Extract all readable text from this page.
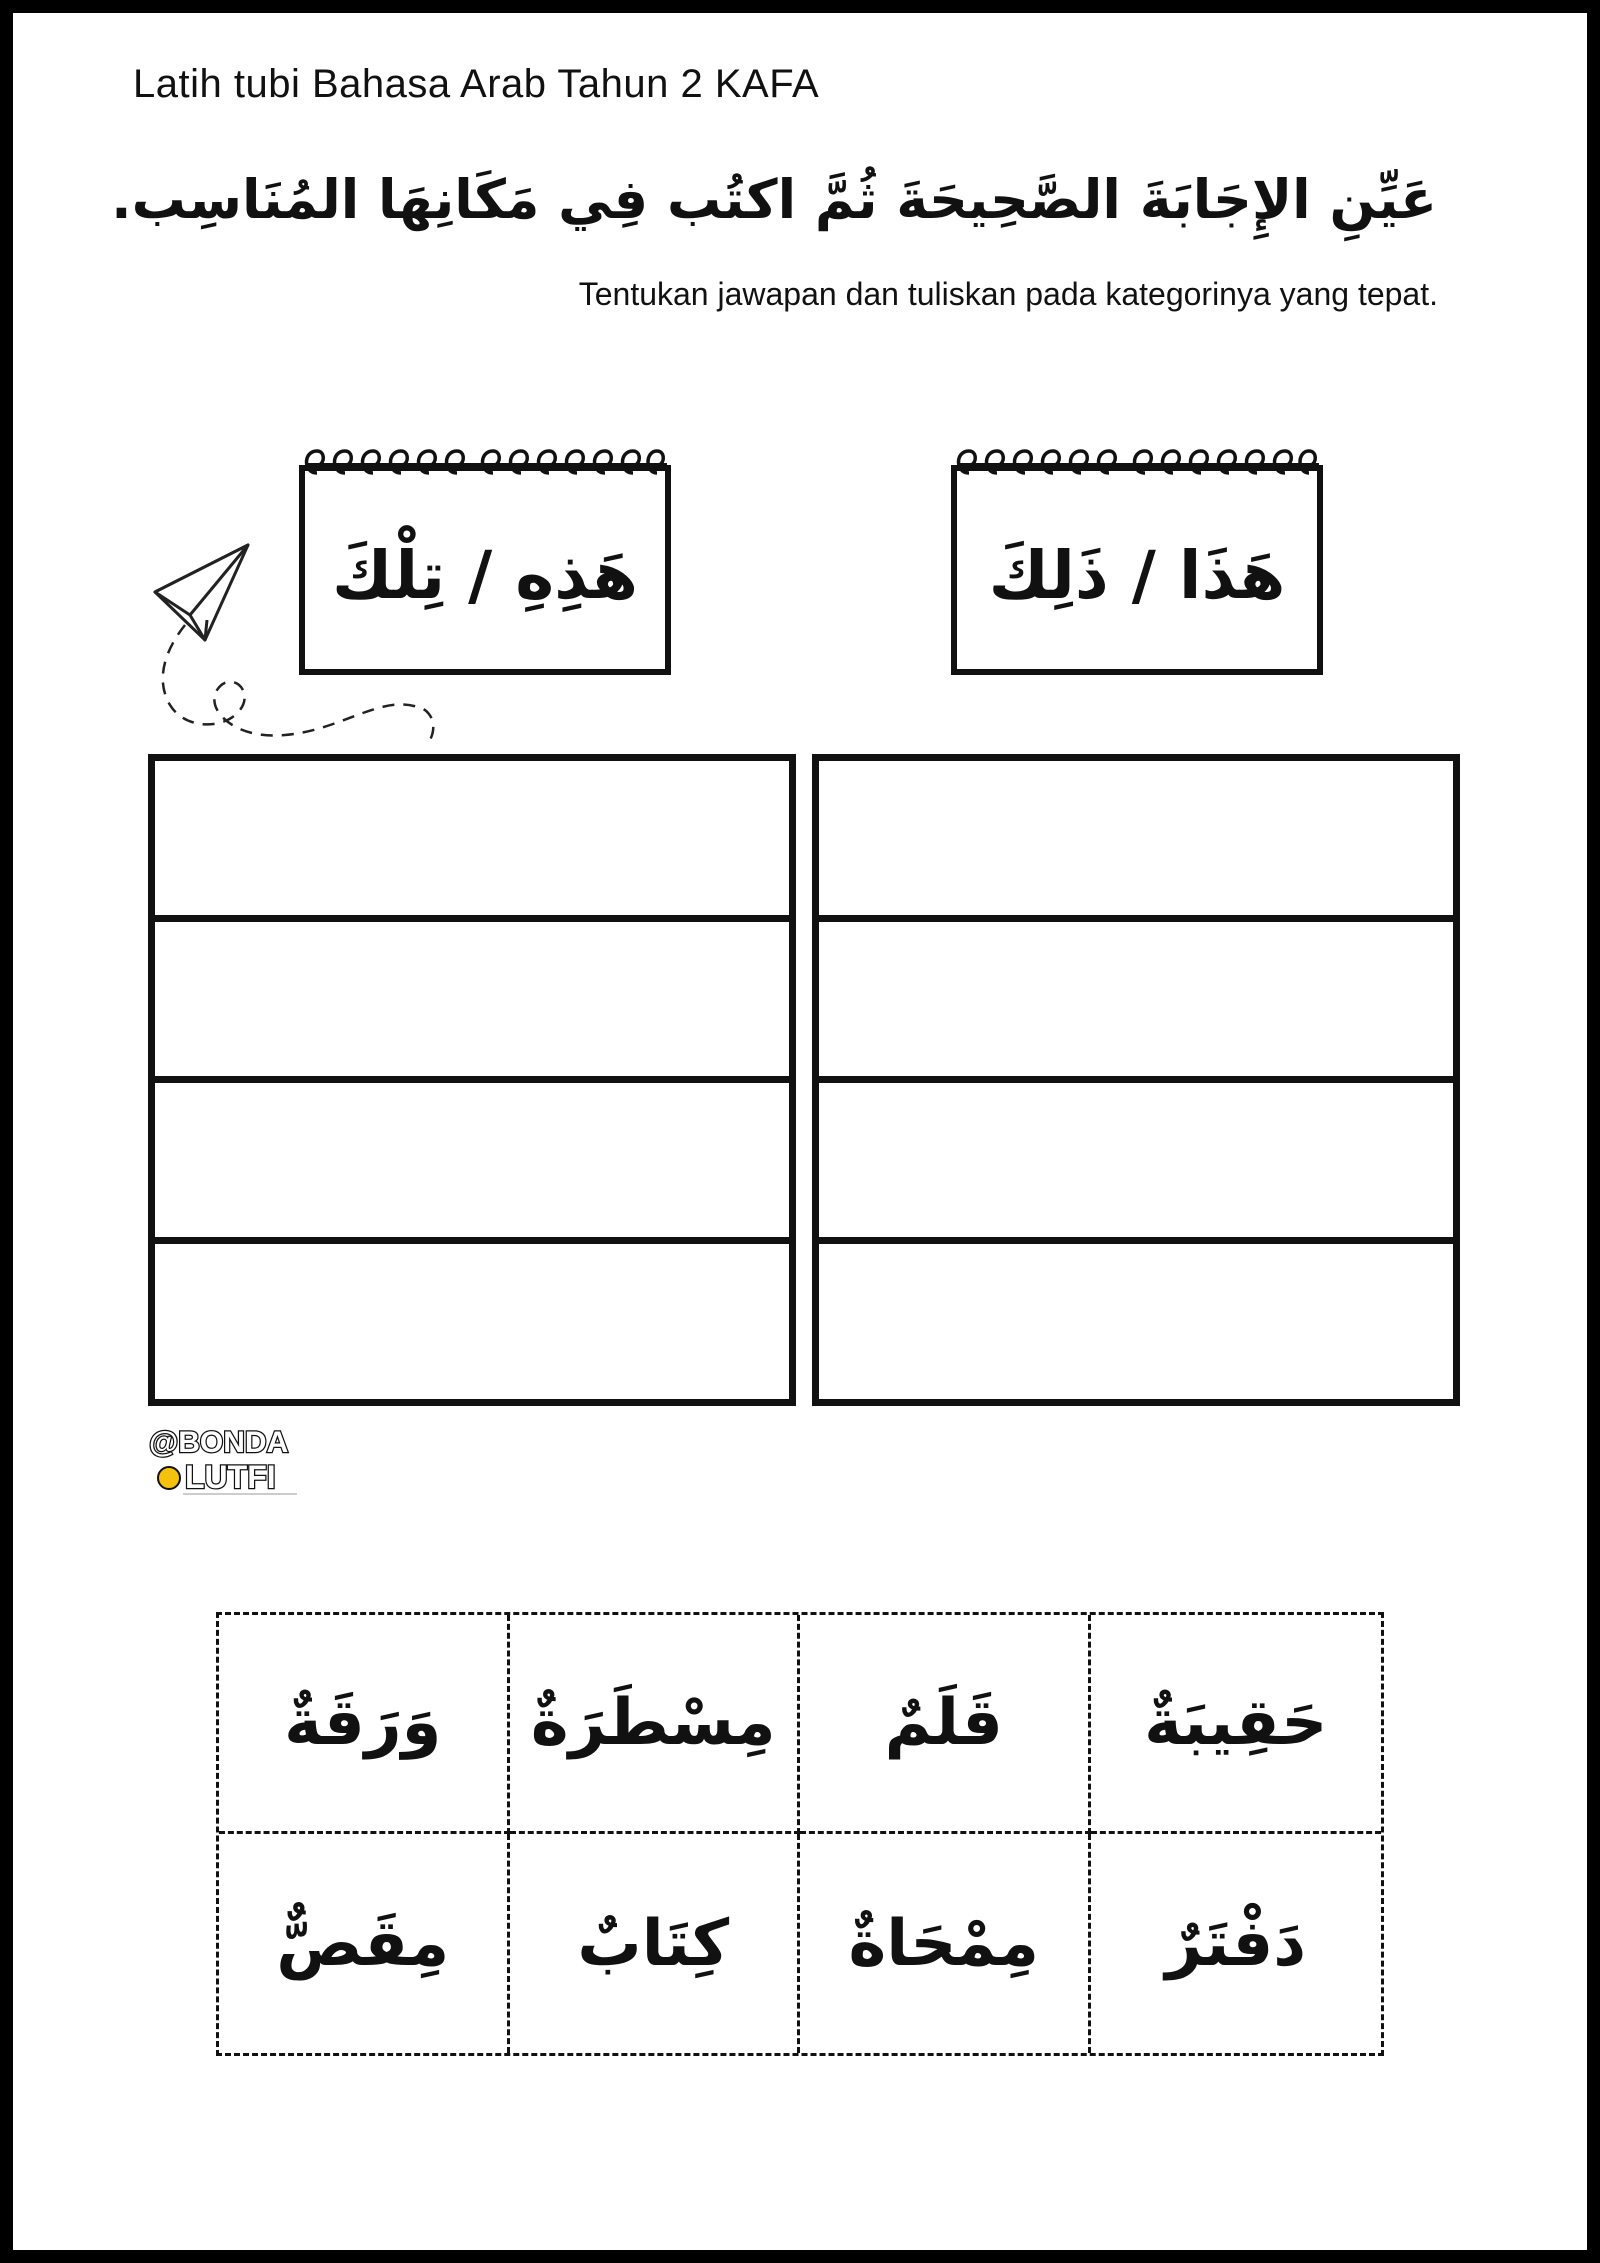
Latih tubi Bahasa Arab Tahun 2 KAFA
عَيِّنِ الإِجَابَةَ الصَّحِيحَةَ ثُمَّ اكتُب فِي مَكَانِهَا المُنَاسِب.
Tentukan jawapan dan tuliskan pada kategorinya yang tepat.
هَذِهِ / تِلْكَ	هَذَا / ذَلِكَ
@BONDA
LUTFI
وَرَقَةٌ	مِسْطَرَةٌ	قَلَمٌ	حَقِيبَةٌ
مِقَصٌّ	كِتَابٌ	مِمْحَاةٌ	دَفْتَرٌ
